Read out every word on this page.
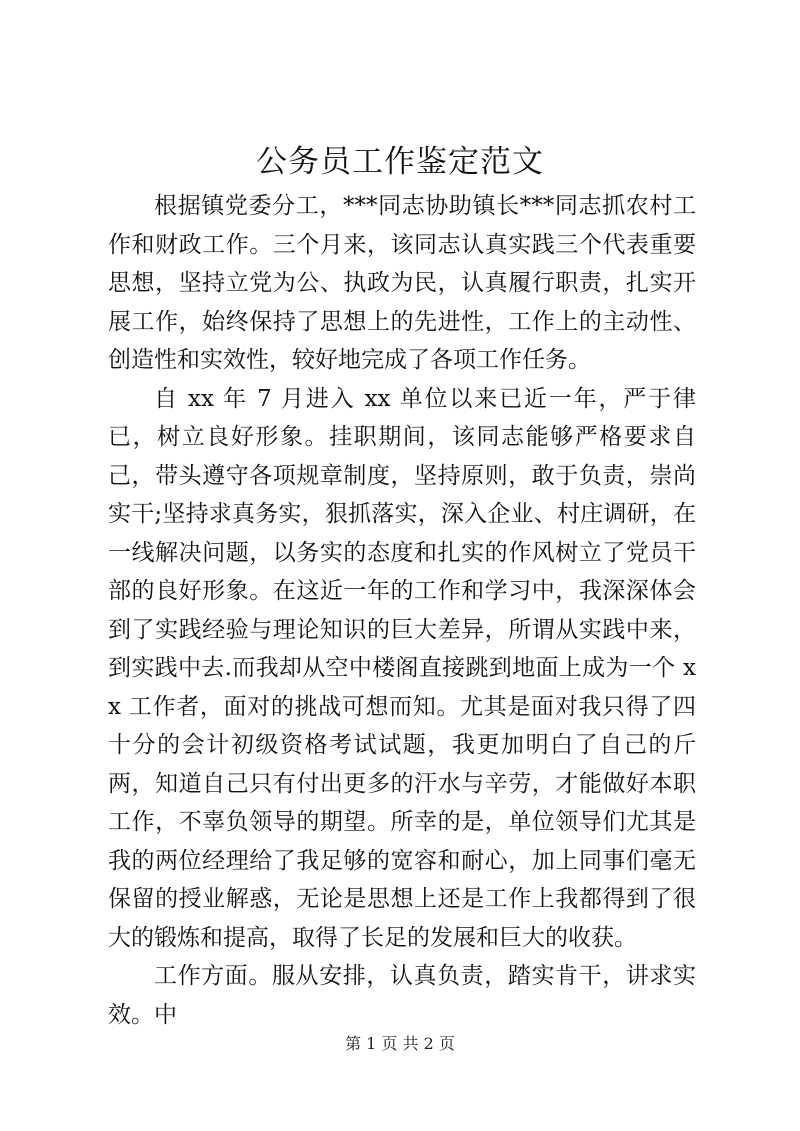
公务员工作鉴定范文

根据镇党委分工，***同志协助镇长***同志抓农村工作和财政工作。三个月来，该同志认真实践三个代表重要思想，坚持立党为公、执政为民，认真履行职责，扎实开展工作，始终保持了思想上的先进性，工作上的主动性、创造性和实效性，较好地完成了各项工作任务。

自 xx 年 7 月进入 xx 单位以来已近一年，严于律已，树立良好形象。挂职期间，该同志能够严格要求自己，带头遵守各项规章制度，坚持原则，敢于负责，崇尚实干;坚持求真务实，狠抓落实，深入企业、村庄调研，在一线解决问题，以务实的态度和扎实的作风树立了党员干部的良好形象。在这近一年的工作和学习中，我深深体会到了实践经验与理论知识的巨大差异，所谓从实践中来，到实践中去.而我却从空中楼阁直接跳到地面上成为一个 xx 工作者，面对的挑战可想而知。尤其是面对我只得了四十分的会计初级资格考试试题，我更加明白了自己的斤两，知道自己只有付出更多的汗水与辛劳，才能做好本职工作，不辜负领导的期望。所幸的是，单位领导们尤其是我的两位经理给了我足够的宽容和耐心，加上同事们毫无保留的授业解惑，无论是思想上还是工作上我都得到了很大的锻炼和提高，取得了长足的发展和巨大的收获。

工作方面。服从安排，认真负责，踏实肯干，讲求实效。中

第 1 页 共 2 页
